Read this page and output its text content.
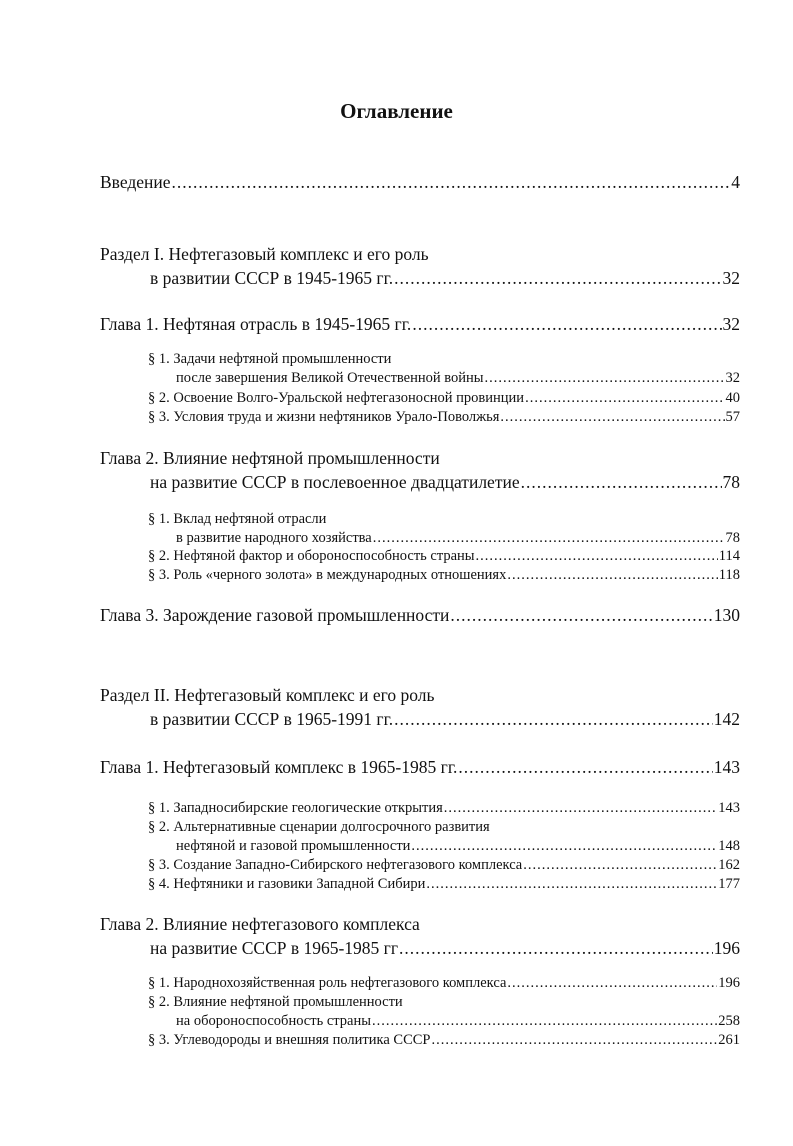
Оглавление
Введение .....	4
Раздел I. Нефтегазовый комплекс и его роль
в развитии СССР в 1945-1965 гг. .....	32
Глава 1. Нефтяная отрасль в 1945-1965 гг. .....	32
§ 1. Задачи нефтяной промышленности
после завершения Великой Отечественной войны .....	32
§ 2. Освоение Волго-Уральской нефтегазоносной провинции .....	40
§ 3. Условия труда и жизни нефтяников Урало-Поволжья .....	57
Глава 2. Влияние нефтяной промышленности
на развитие СССР в послевоенное двадцатилетие .....	78
§ 1. Вклад нефтяной отрасли
в развитие народного хозяйства .....	78
§ 2. Нефтяной фактор и обороноспособность страны .....	114
§ 3. Роль «черного золота» в международных отношениях .....	118
Глава 3. Зарождение газовой промышленности .....	130
Раздел II. Нефтегазовый комплекс и его роль
в развитии СССР в 1965-1991 гг. .....	142
Глава 1. Нефтегазовый комплекс в 1965-1985 гг. .....	143
§ 1. Западносибирские геологические открытия .....	143
§ 2. Альтернативные сценарии долгосрочного развития
нефтяной и газовой промышленности .....	148
§ 3. Создание Западно-Сибирского нефтегазового комплекса .....	162
§ 4. Нефтяники и газовики Западной Сибири .....	177
Глава 2. Влияние нефтегазового комплекса
на развитие СССР в 1965-1985 гг .....	196
§ 1. Народнохозяйственная роль нефтегазового комплекса .....	196
§ 2. Влияние нефтяной промышленности
на обороноспособность страны .....	258
§ 3. Углеводороды и внешняя политика СССР .....	261
